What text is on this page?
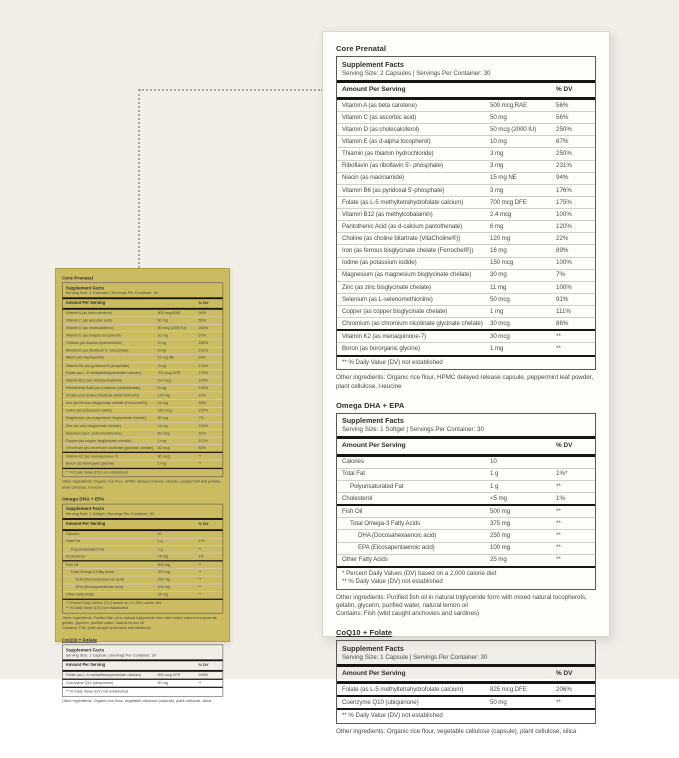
Core Prenatal
Supplement Facts
Serving Size: 2 Capsules | Servings Per Container: 30
Amount Per Serving	% DV
Vitamin A (as beta carotene)	500 mcg RAE	56%
Vitamin C (as ascorbic acid)	50 mg	56%
Vitamin D (as cholecalciferol)	50 mcg (2000 IU)	250%
Vitamin E (as d-alpha tocopherol)	10 mg	67%
Thiamin (as thiamin hydrochloride)	3 mg	250%
Riboflavin (as riboflavin 5'- phosphate)	3 mg	231%
Niacin (as niacinamide)	15 mg NE	94%
Vitamin B6 (as pyridoxal 5'-phosphate)	3 mg	176%
Folate (as L-5 methyltetrahydrofolate calcium)	700 mcg DFE	175%
Vitamin B12 (as methylcobalamin)	2.4 mcg	100%
Pantothenic Acid (as d-calcium pantothenate)	6 mg	120%
Choline (as choline bitartrate (VitaCholine®))	120 mg	22%
Iron (as ferrous bisglycinate chelate (Ferrochel®))	16 mg	89%
Iodine (as potassium iodide)	150 mcg	100%
Magnesium (as magnesium bisglycinate chelate)	30 mg	7%
Zinc (as zinc bisglycinate chelate)	11 mg	100%
Selenium (as L-selenomethionine)	50 mcg	91%
Copper (as copper bisglycinate chelate)	1 mg	111%
Chromium (as chromium nicotinate glycinate chelate) 30 mcg	86%
Vitamin K2 (as menaquinone-7)	30 mcg	**
Boron (as bororganic glycine)	1 mg	**
** % Daily Value (DV) not established
Other ingredients: Organic rice flour, HPMC delayed release capsule, peppermint leaf powder, plant cellulose, l-leucine
Omega DHA + EPA
Supplement Facts
Serving Size: 1 Softgel | Servings Per Container: 30
Amount Per Serving	% DV
Calories	10
Total Fat	1 g	1%*
Polyunsaturated Fat	1 g	**
Cholesterol	<5 mg	1%
Fish Oil	500 mg	**
Total Omega-3 Fatty Acids	375 mg	**
DHA (Docosahexaenoic acid)	250 mg	**
EPA (Eicosapentaenoic acid)	100 mg	**
Other Fatty Acids	25 mg	**
* Percent Daily Values (DV) based on a 2,000 calorie diet
** % Daily Value (DV) not established
Other ingredients: Purified fish oil in natural triglyceride form with mixed natural tocopherols, gelatin, glycerin, purified water, natural lemon oil
Contains: Fish (wild caught anchovies and sardines)
CoQ10 + Folate
Supplement Facts
Serving Size: 1 Capsule | Servings Per Container: 30
Amount Per Serving	% DV
Folate (as L-5 methyltetrahydrofolate calcium)	825 mcg DFE	206%
Coenzyme Q10 (ubiquinone)	50 mg	**
** % Daily Value (DV) not established
Other ingredients: Organic rice flour, vegetable cellulose (capsule), plant cellulose, silica
Core Prenatal
Supplement Facts
Serving Size: 2 Capsules | Servings Per Container: 30
Amount Per Serving	% DV
Vitamin A (as beta carotene)	500 mcg RAE	56%
Vitamin C (as ascorbic acid)	50 mg	56%
Vitamin D (as cholecalciferol)	50 mcg (2000 IU)	250%
Vitamin E (as d-alpha tocopherol)	10 mg	67%
Thiamin (as thiamin hydrochloride)	3 mg	250%
Riboflavin (as riboflavin 5'- phosphate)	3 mg	231%
Niacin (as niacinamide)	15 mg NE	94%
Vitamin B6 (as pyridoxal 5'-phosphate)	3 mg	176%
Folate (as L-5 methyltetrahydrofolate calcium)	700 mcg DFE	175%
Vitamin B12 (as methylcobalamin)	2.4 mcg	100%
Pantothenic Acid (as d-calcium pantothenate)	6 mg	120%
Choline (as choline bitartrate (VitaCholine®))	120 mg	22%
Iron (as ferrous bisglycinate chelate (Ferrochel®))	16 mg	89%
Iodine (as potassium iodide)	150 mcg	100%
Magnesium (as magnesium bisglycinate chelate)	30 mg	7%
Zinc (as zinc bisglycinate chelate)	11 mg	100%
Selenium (as L-selenomethionine)	50 mcg	91%
Copper (as copper bisglycinate chelate)	1 mg	111%
Chromium (as chromium nicotinate glycinate chelate)	30 mcg	86%
Vitamin K2 (as menaquinone-7)	30 mcg	**
Boron (as bororganic glycine)	1 mg	**
** % Daily Value (DV) not established
Other ingredients: Organic rice flour, HPMC delayed release capsule, peppermint leaf powder, plant cellulose, l-leucine
Omega DHA + EPA
Supplement Facts
Serving Size: 1 Softgel | Servings Per Container: 30
Amount Per Serving	% DV
Calories	10
Total Fat	1 g	1%*
Polyunsaturated Fat	1 g	**
Cholesterol	<5 mg	1%
Fish Oil	500 mg	**
Total Omega-3 Fatty Acids	375 mg	**
DHA (Docosahexaenoic acid)	250 mg	**
EPA (Eicosapentaenoic acid)	100 mg	**
Other Fatty Acids	25 mg	**
* Percent Daily Values (DV) based on a 2,000 calorie diet
** % Daily Value (DV) not established
Other ingredients: Purified fish oil in natural triglyceride form with mixed natural tocopherols, gelatin, glycerin, purified water, natural lemon oil
Contains: Fish (wild caught anchovies and sardines)
CoQ10 + Folate
Supplement Facts
Serving Size: 1 Capsule | Servings Per Container: 30
Amount Per Serving	% DV
Folate (as L-5 methyltetrahydrofolate calcium)	825 mcg DFE	206%
Coenzyme Q10 (ubiquinone)	50 mg	**
** % Daily Value (DV) not established
Other ingredients: Organic rice flour, vegetable cellulose (capsule), plant cellulose, silica
